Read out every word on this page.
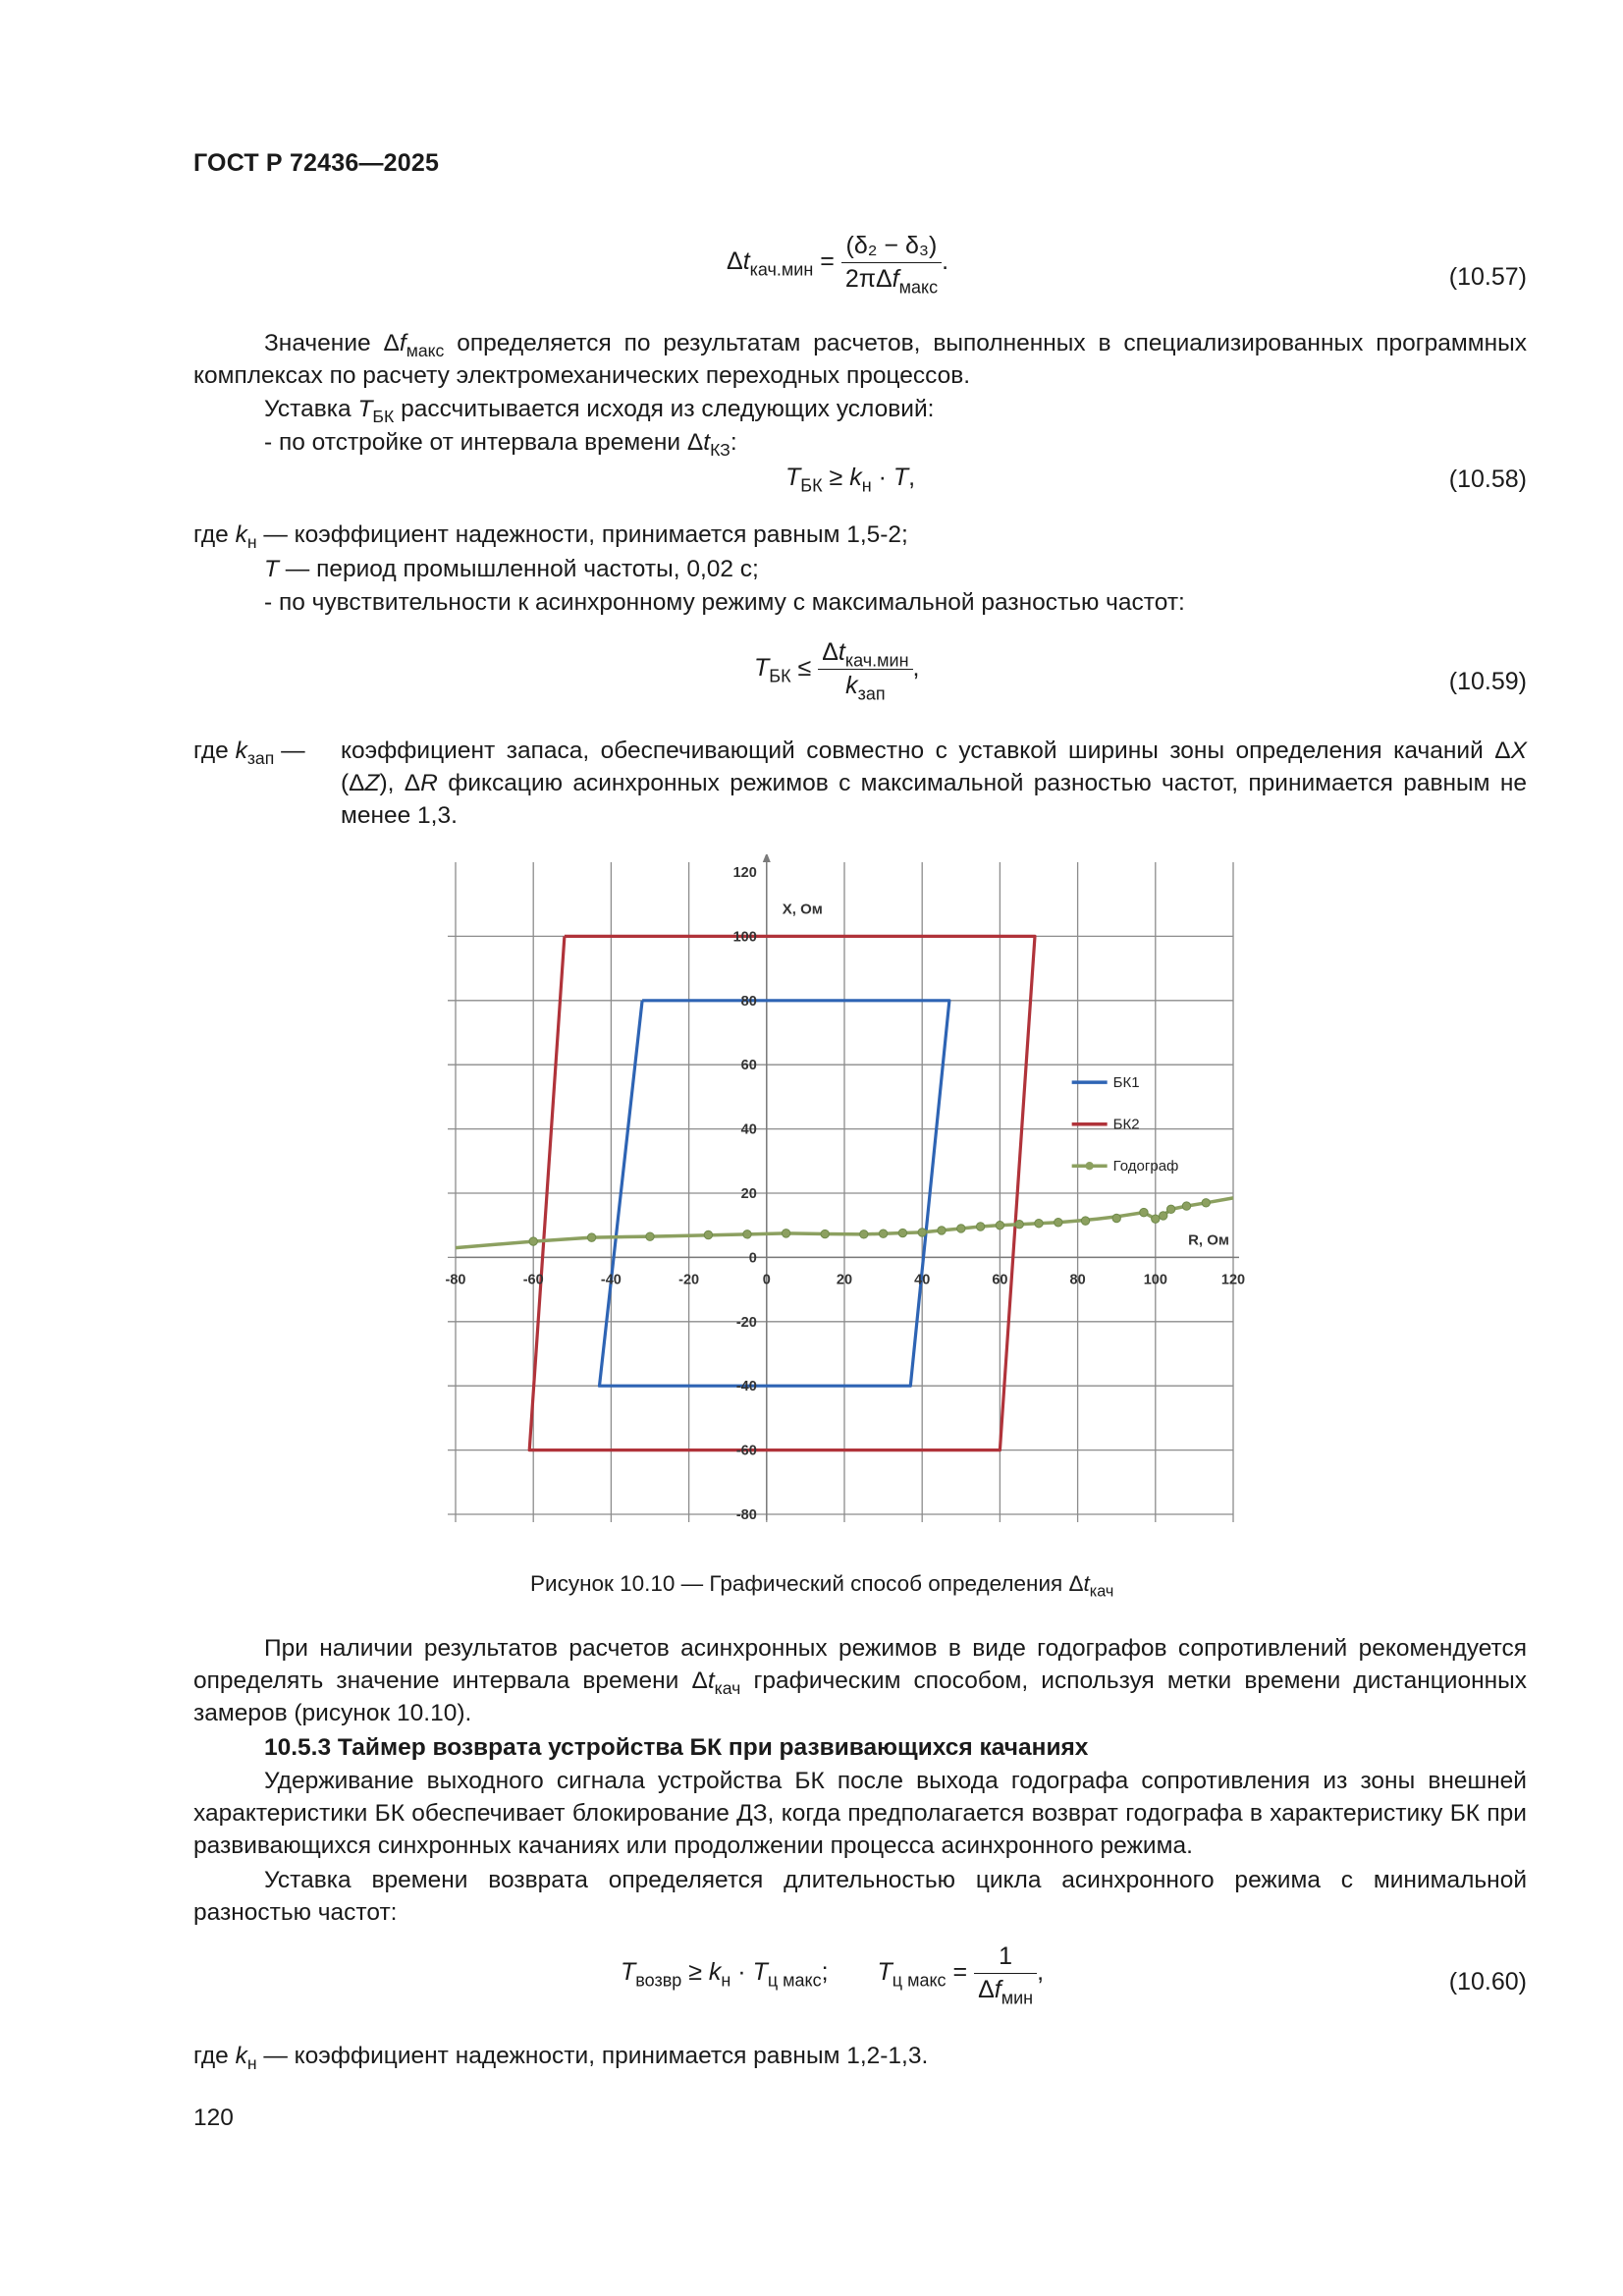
ГОСТ Р 72436—2025
$\Delta t_{кач.мин} = \frac{\text{(δ₂ − δ₃)}}{2\pi\Delta f_{макс}}$ .
(10.57)
Значение $\Delta f_{макс}$ определяется по результатам расчетов, выполненных в специализированных программных комплексах по расчету электромеханических переходных процессов.
Уставка $T_{БК}$ рассчитывается исходя из следующих условий:
- по отстройке от интервала времени $\Delta t_{КЗ}$:
$T_{БК} \ge k_н \cdot T$,	(10.58)
где $k_н$ — коэффициент надежности, принимается равным 1,5-2;
T — период промышленной частоты, 0,02 с;
- по чувствительности к асинхронному режиму с максимальной разностью частот:
$T_{БК} \le \frac{\Delta t_{кач.мин}}{k_{зап}}$ ,	(10.59)
где $k_{зап}$ — коэффициент запаса, обеспечивающий совместно с уставкой ширины зоны определения качаний ΔX (ΔZ), ΔR фиксацию асинхронных режимов с максимальной разностью частот, принимается равным не менее 1,3.
-80	-60	-40	-20	0	20	40	60	80	100	120
120
100
80
60
40
20
0
-20
-40
-60
-80
X, Ом
R, Ом
БК1
БК2
Годограф
Рисунок 10.10 — Графический способ определения $\Delta t_{кач}$
При наличии результатов расчетов асинхронных режимов в виде годографов сопротивлений рекомендуется определять значение интервала времени $\Delta t_{кач}$ графическим способом, используя метки времени дистанционных замеров (рисунок 10.10).
10.5.3 Таймер возврата устройства БК при развивающихся качаниях
Удерживание выходного сигнала устройства БК после выхода годографа сопротивления из зоны внешней характеристики БК обеспечивает блокирование ДЗ, когда предполагается возврат годографа в характеристику БК при развивающихся синхронных качаниях или продолжении процесса асинхронного режима.
Уставка времени возврата определяется длительностью цикла асинхронного режима с минимальной разностью частот:
$T_{возвр} \ge k_н \cdot T_{ц макс}$; $T_{ц макс} = \frac{1}{\Delta f_{мин}}$ ,	(10.60)
где $k_н$ — коэффициент надежности, принимается равным 1,2-1,3.
120
